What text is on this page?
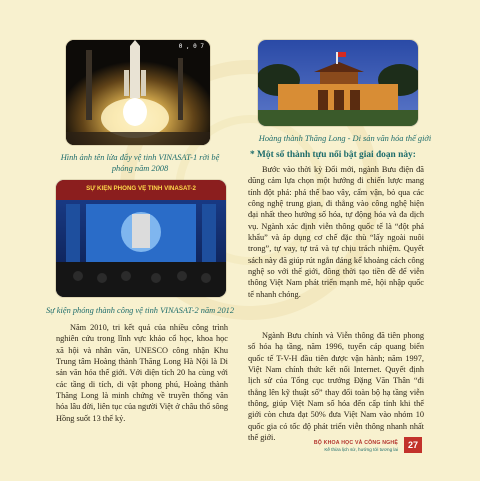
0 , 0 7
Hình ảnh tên lửa đẩy vệ tinh VINASAT-1 rời bệ phóng năm 2008
Hoàng thành Thăng Long - Di sản văn hóa thế giới
SỰ KIỆN PHÓNG VỆ TINH VINASAT-2
Sự kiện phóng thành công vệ tinh VINASAT-2 năm 2012
* Một số thành tựu nổi bật giai đoạn này:

Bước vào thời kỳ Đổi mới, ngành Bưu điện đã dũng cảm lựa chọn một hướng đi chiến lược mang tính đột phá: phá thế bao vây, cấm vận, bỏ qua các công nghệ trung gian, đi thẳng vào công nghệ hiện đại nhất theo hướng số hóa, tự động hóa và đa dịch vụ. Ngành xác định viễn thông quốc tế là “đột phá khẩu” và áp dụng cơ chế đặc thù “lấy ngoài nuôi trong”, tự vay, tự trả và tự chịu trách nhiệm. Quyết sách này đã giúp rút ngắn đáng kể khoảng cách công nghệ so với thế giới, đồng thời tạo tiền đề để viễn thông Việt Nam phát triển mạnh mẽ, hội nhập quốc tế nhanh chóng.

Ngành Bưu chính và Viễn thông đã tiên phong số hóa hạ tầng, năm 1996, tuyến cáp quang biển quốc tế T-V-H đầu tiên được vận hành; năm 1997, Việt Nam chính thức kết nối Internet. Quyết định lịch sử của Tổng cục trưởng Đặng Văn Thân “đi thẳng lên kỹ thuật số” thay đổi toàn bộ hạ tầng viễn thông, giúp Việt Nam số hóa đến cấp tỉnh khi thế giới còn chưa đạt 50% đưa Việt Nam vào nhóm 10 quốc gia có tốc độ phát triển viễn thông nhanh nhất thế giới.

Năm 2010, tri kết quả của nhiều công trình nghiên cứu trong lĩnh vực khảo cổ học, khoa học xã hội và nhân văn, UNESCO công nhận Khu Trung tâm Hoàng thành Thăng Long Hà Nội là Di sản văn hóa thế giới. Với diện tích 20 ha cùng với các tầng di tích, di vật phong phú, Hoàng thành Thăng Long là minh chứng về truyền thống văn hóa lâu đời, liên tục của người Việt ở châu thổ sông Hồng suốt 13 thế kỷ.

BỘ KHOA HỌC VÀ CÔNG NGHỆ
Kế thừa lịch sử, hướng tới tương lai	27
